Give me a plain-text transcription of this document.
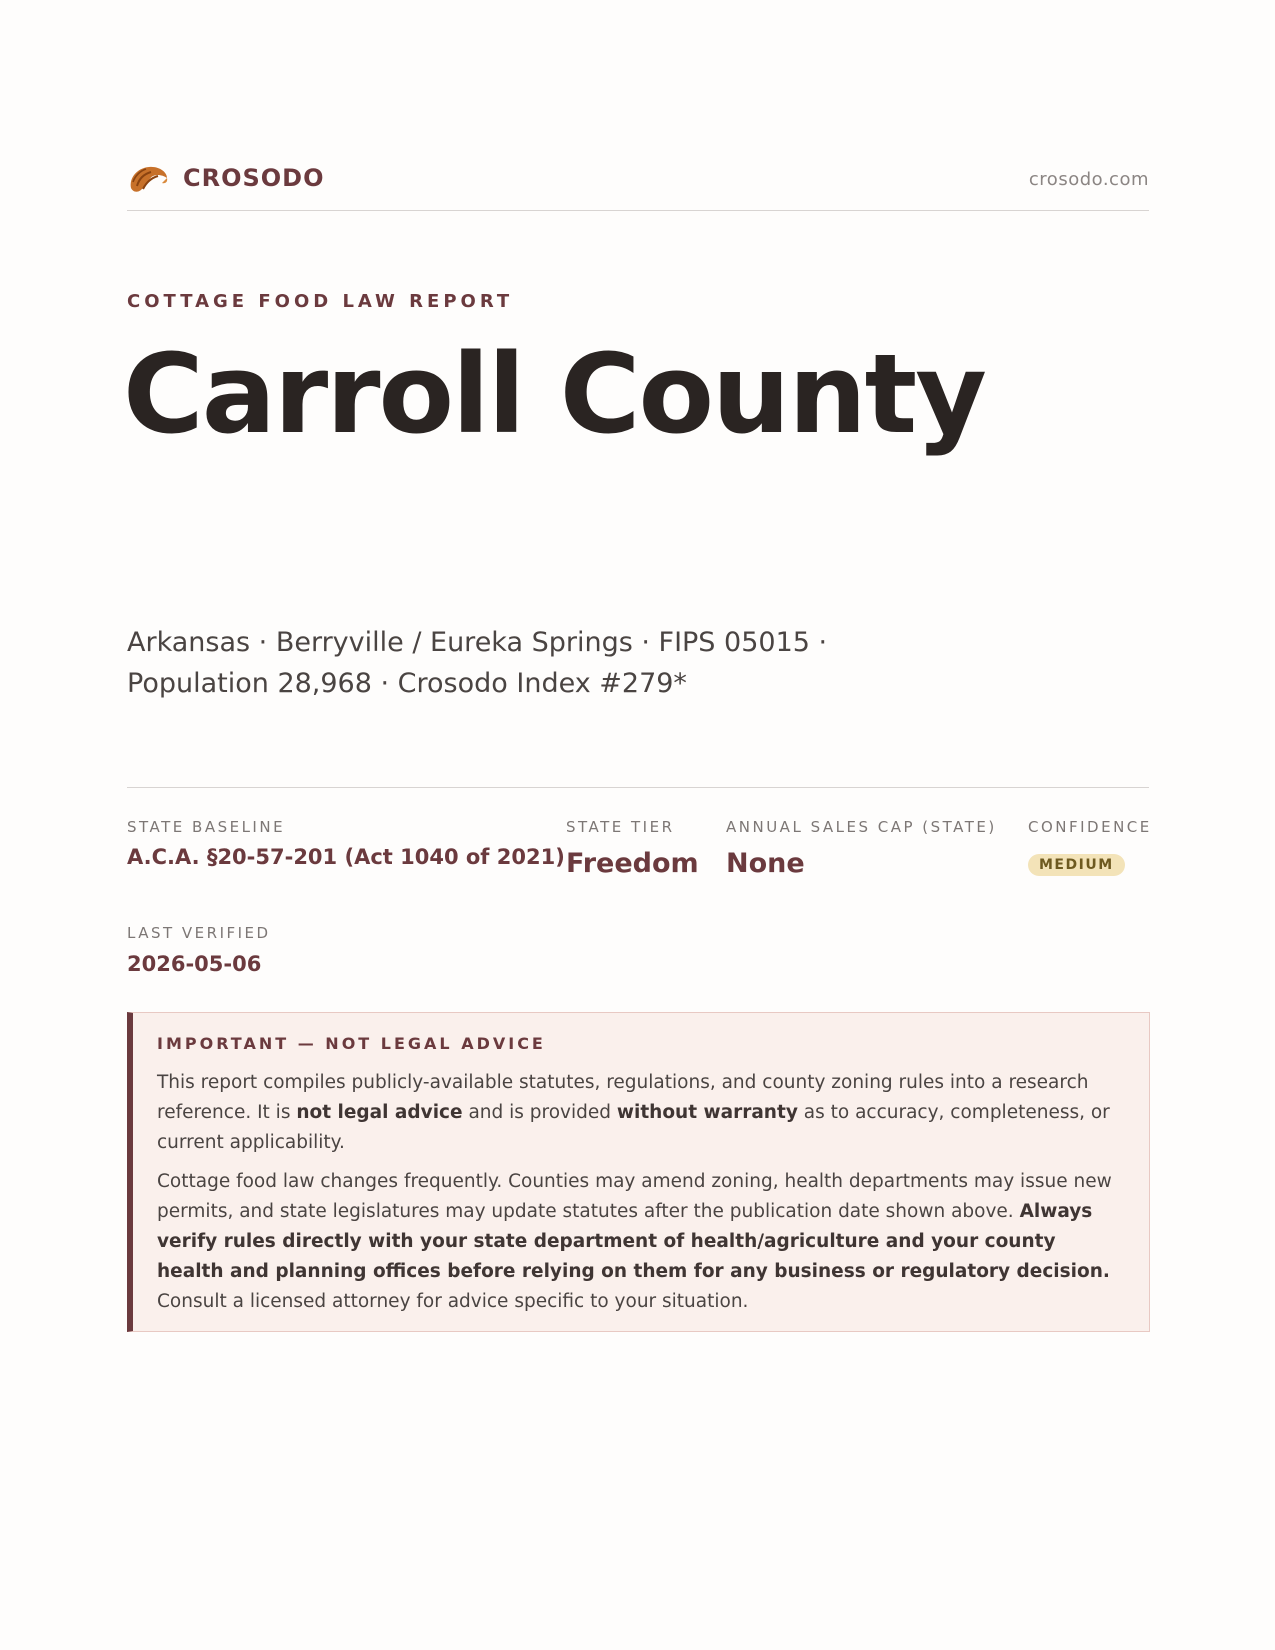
CROSODO	crosodo.com
COTTAGE FOOD LAW REPORT
Carroll County
Arkansas · Berryville / Eureka Springs · FIPS 05015 ·
Population 28,968 · Crosodo Index #279*
STATE BASELINE
A.C.A. §20-57-201 (Act 1040 of 2021)
STATE TIER
Freedom
ANNUAL SALES CAP (STATE)
None
CONFIDENCE
MEDIUM
LAST VERIFIED
2026-05-06
IMPORTANT — NOT LEGAL ADVICE

This report compiles publicly-available statutes, regulations, and county zoning rules into a research reference. It is not legal advice and is provided without warranty as to accuracy, completeness, or current applicability.

Cottage food law changes frequently. Counties may amend zoning, health departments may issue new permits, and state legislatures may update statutes after the publication date shown above. Always verify rules directly with your state department of health/agriculture and your county health and planning offices before relying on them for any business or regulatory decision. Consult a licensed attorney for advice specific to your situation.
